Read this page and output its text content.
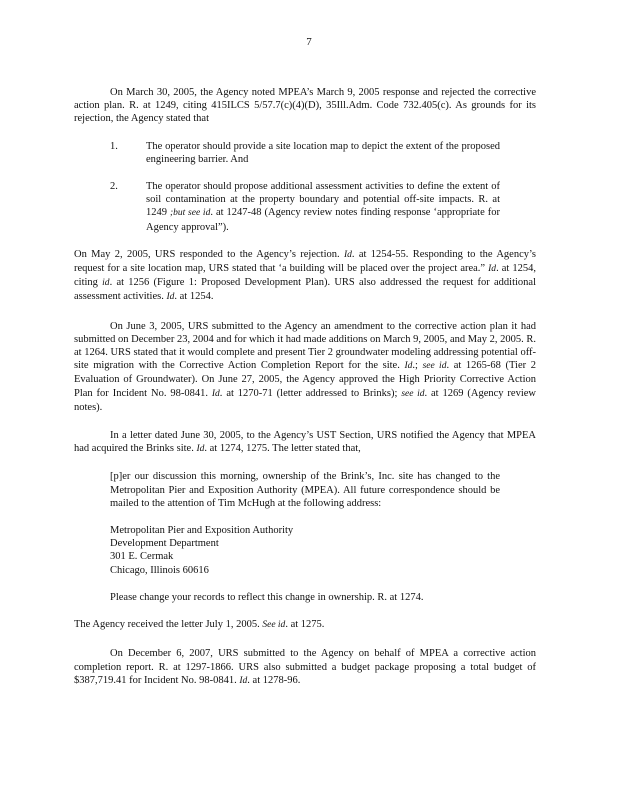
7

On March 30, 2005, the Agency noted MPEA’s March 9, 2005 response and rejected the corrective action plan. R. at 1249, citing 415ILCS 5/57.7(c)(4)(D), 35Ill.Adm. Code 732.405(c). As grounds for its rejection, the Agency stated that

1.	The operator should provide a site location map to depict the extent of the proposed engineering barrier. And
2.	The operator should propose additional assessment activities to define the extent of soil contamination at the property boundary and potential off-site impacts. R. at 1249 ;but see id. at 1247-48 (Agency review notes finding response ‘appropriate for Agency approval”).

On May 2, 2005, URS responded to the Agency’s rejection. Id. at 1254-55. Responding to the Agency’s request for a site location map, URS stated that ‘a building will be placed over the project area.” Id. at 1254, citing id. at 1256 (Figure 1: Proposed Development Plan). URS also addressed the request for additional assessment activities. Id. at 1254.

On June 3, 2005, URS submitted to the Agency an amendment to the corrective action plan it had submitted on December 23, 2004 and for which it had made additions on March 9, 2005, and May 2, 2005. R. at 1264. URS stated that it would complete and present Tier 2 groundwater modeling addressing potential off-site migration with the Corrective Action Completion Report for the site. Id.; see id. at 1265-68 (Tier 2 Evaluation of Groundwater). On June 27, 2005, the Agency approved the High Priority Corrective Action Plan for Incident No. 98-0841. Id. at 1270-71 (letter addressed to Brinks); see id. at 1269 (Agency review notes).

In a letter dated June 30, 2005, to the Agency’s UST Section, URS notified the Agency that MPEA had acquired the Brinks site. Id. at 1274, 1275. The letter stated that,

[p]er our discussion this morning, ownership of the Brink’s, Inc. site has changed to the Metropolitan Pier and Exposition Authority (MPEA). All future correspondence should be mailed to the attention of Tim McHugh at the following address:

Metropolitan Pier and Exposition Authority
Development Department
301 E. Cermak
Chicago, Illinois 60616

Please change your records to reflect this change in ownership. R. at 1274.

The Agency received the letter July 1, 2005. See id. at 1275.

On December 6, 2007, URS submitted to the Agency on behalf of MPEA a corrective action completion report. R. at 1297-1866. URS also submitted a budget package proposing a total budget of $387,719.41 for Incident No. 98-0841. Id. at 1278-96.
